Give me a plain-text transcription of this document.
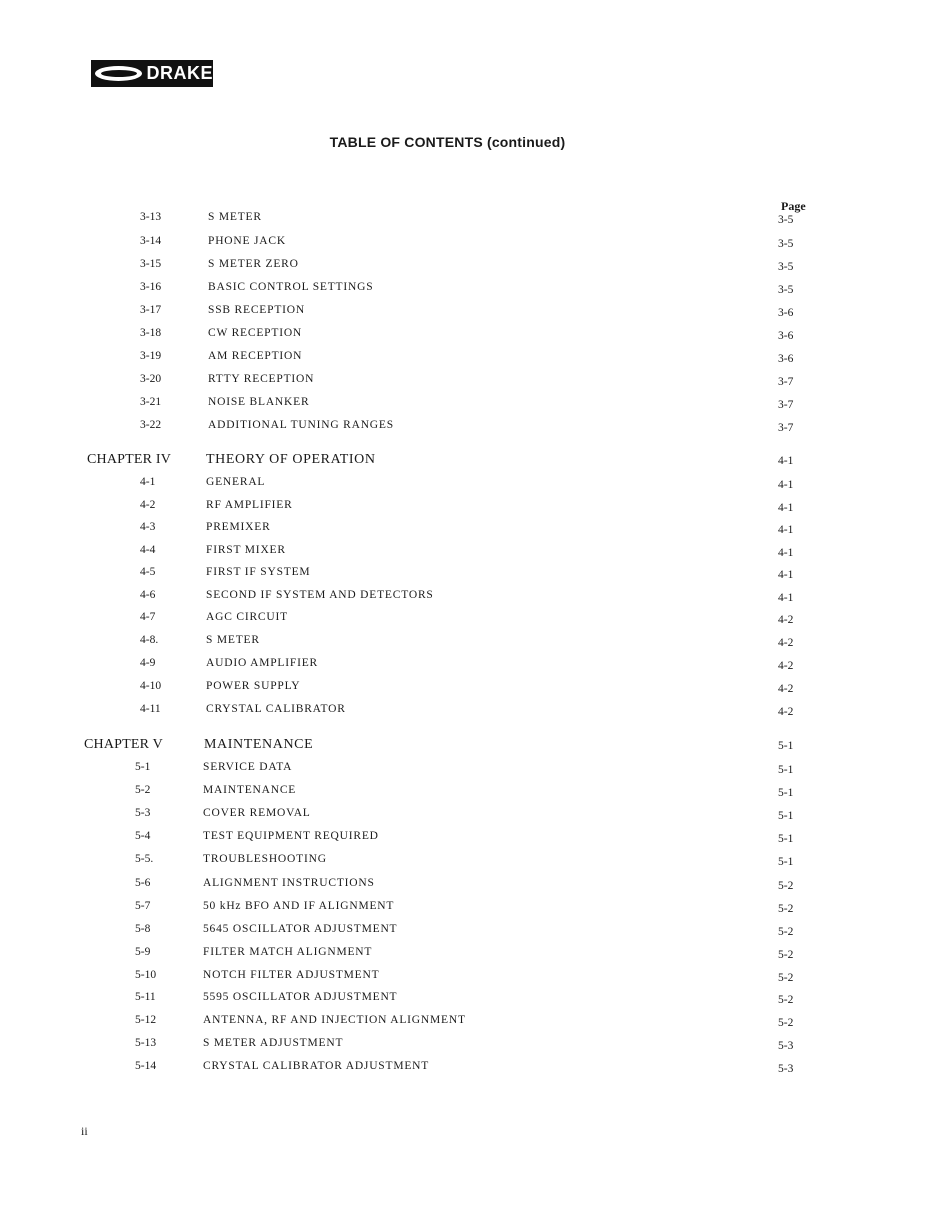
DRAKE
TABLE OF CONTENTS (continued)
Page
3-13	S METER	3-5
3-14	PHONE JACK	3-5
3-15	S METER ZERO	3-5
3-16	BASIC CONTROL SETTINGS	3-5
3-17	SSB RECEPTION	3-6
3-18	CW RECEPTION	3-6
3-19	AM RECEPTION	3-6
3-20	RTTY RECEPTION	3-7
3-21	NOISE BLANKER	3-7
3-22	ADDITIONAL TUNING RANGES	3-7
CHAPTER IV THEORY OF OPERATION	4-1
4-1	GENERAL	4-1
4-2	RF AMPLIFIER	4-1
4-3	PREMIXER	4-1
4-4	FIRST MIXER	4-1
4-5	FIRST IF SYSTEM	4-1
4-6	SECOND IF SYSTEM AND DETECTORS	4-1
4-7	AGC CIRCUIT	4-2
4-8.	S METER	4-2
4-9	AUDIO AMPLIFIER	4-2
4-10	POWER SUPPLY	4-2
4-11	CRYSTAL CALIBRATOR	4-2
CHAPTER V	MAINTENANCE	5-1
5-1	SERVICE DATA	5-1
5-2	MAINTENANCE	5-1
5-3	COVER REMOVAL	5-1
5-4	TEST EQUIPMENT REQUIRED	5-1
5-5.	TROUBLESHOOTING	5-1
5-6	ALIGNMENT INSTRUCTIONS	5-2
5-7	50 kHz BFO AND IF ALIGNMENT	5-2
5-8	5645 OSCILLATOR ADJUSTMENT	5-2
5-9	FILTER MATCH ALIGNMENT	5-2
5-10	NOTCH FILTER ADJUSTMENT	5-2
5-11	5595 OSCILLATOR ADJUSTMENT	5-2
5-12	ANTENNA, RF AND INJECTION ALIGNMENT	5-2
5-13	S METER ADJUSTMENT	5-3
5-14	CRYSTAL CALIBRATOR ADJUSTMENT	5-3
ii
